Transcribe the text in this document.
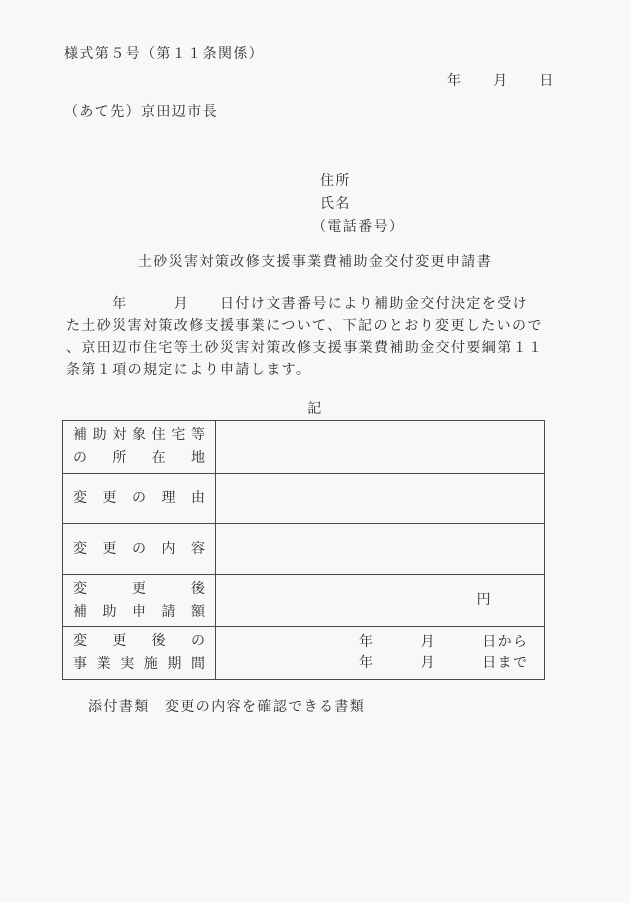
様式第５号（第１１条関係）
年　　月　　日
（あて先）京田辺市長
住所
氏名
（電話番号）
土砂災害対策改修支援事業費補助金交付変更申請書
　　　年　　　月　　日付け文書番号により補助金交付決定を受け
た土砂災害対策改修支援事業について、下記のとおり変更したいので
、京田辺市住宅等土砂災害対策改修支援事業費補助金交付要綱第１１
条第１項の規定により申請します。
記
補助対象住宅等
の所在地
変更の理由
変更の内容
変更後
補助申請額
円
変更後の
事業実施期間
年　　　月　　　日から
年　　　月　　　日まで
添付書類　変更の内容を確認できる書類
